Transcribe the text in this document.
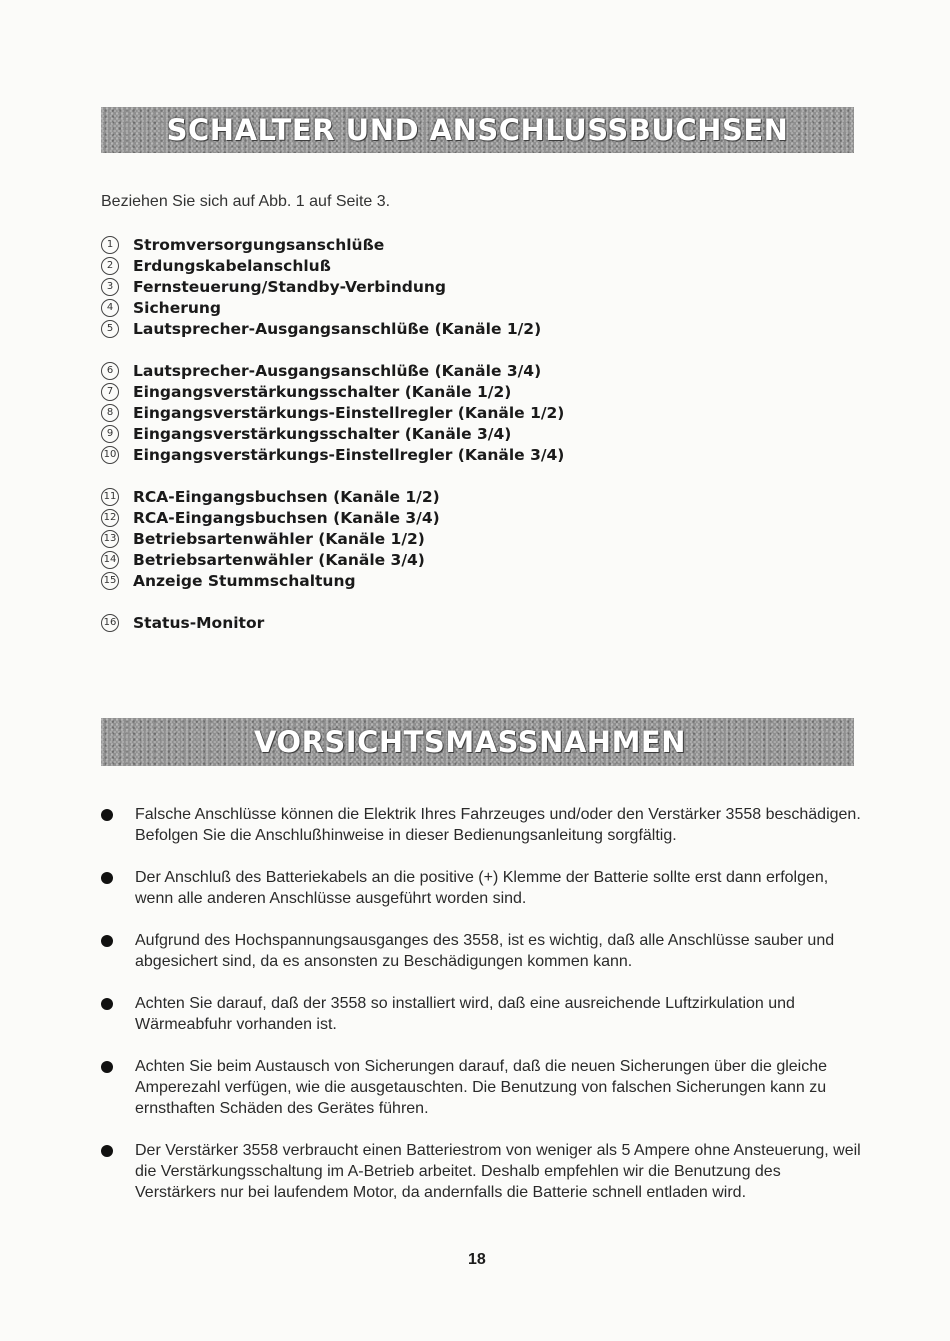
SCHALTER UND ANSCHLUSSBUCHSEN
Beziehen Sie sich auf Abb. 1 auf Seite 3.
1	Stromversorgungsanschlüße
2	Erdungskabelanschluß
3	Fernsteuerung/Standby-Verbindung
4	Sicherung
5	Lautsprecher-Ausgangsanschlüße (Kanäle 1/2)
6	Lautsprecher-Ausgangsanschlüße (Kanäle 3/4)
7	Eingangsverstärkungsschalter (Kanäle 1/2)
8	Eingangsverstärkungs-Einstellregler (Kanäle 1/2)
9	Eingangsverstärkungsschalter (Kanäle 3/4)
10 Eingangsverstärkungs-Einstellregler (Kanäle 3/4)
11 RCA-Eingangsbuchsen (Kanäle 1/2)
12 RCA-Eingangsbuchsen (Kanäle 3/4)
13 Betriebsartenwähler (Kanäle 1/2)
14 Betriebsartenwähler (Kanäle 3/4)
15 Anzeige Stummschaltung
16 Status-Monitor
VORSICHTSMASSNAHMEN
Falsche Anschlüsse können die Elektrik Ihres Fahrzeuges und/oder den Verstärker 3558 beschädigen. Befolgen Sie die Anschlußhinweise in dieser Bedienungsanleitung sorgfältig.
Der Anschluß des Batteriekabels an die positive (+) Klemme der Batterie sollte erst dann erfolgen, wenn alle anderen Anschlüsse ausgeführt worden sind.
Aufgrund des Hochspannungsausganges des 3558, ist es wichtig, daß alle Anschlüsse sauber und abgesichert sind, da es ansonsten zu Beschädigungen kommen kann.
Achten Sie darauf, daß der 3558 so installiert wird, daß eine ausreichende Luftzirkulation und Wärmeabfuhr vorhanden ist.
Achten Sie beim Austausch von Sicherungen darauf, daß die neuen Sicherungen über die gleiche Amperezahl verfügen, wie die ausgetauschten. Die Benutzung von falschen Sicherungen kann zu ernsthaften Schäden des Gerätes führen.
Der Verstärker 3558 verbraucht einen Batteriestrom von weniger als 5 Ampere ohne Ansteuerung, weil die Verstärkungsschaltung im A-Betrieb arbeitet. Deshalb empfehlen wir die Benutzung des Verstärkers nur bei laufendem Motor, da andernfalls die Batterie schnell entladen wird.
18
